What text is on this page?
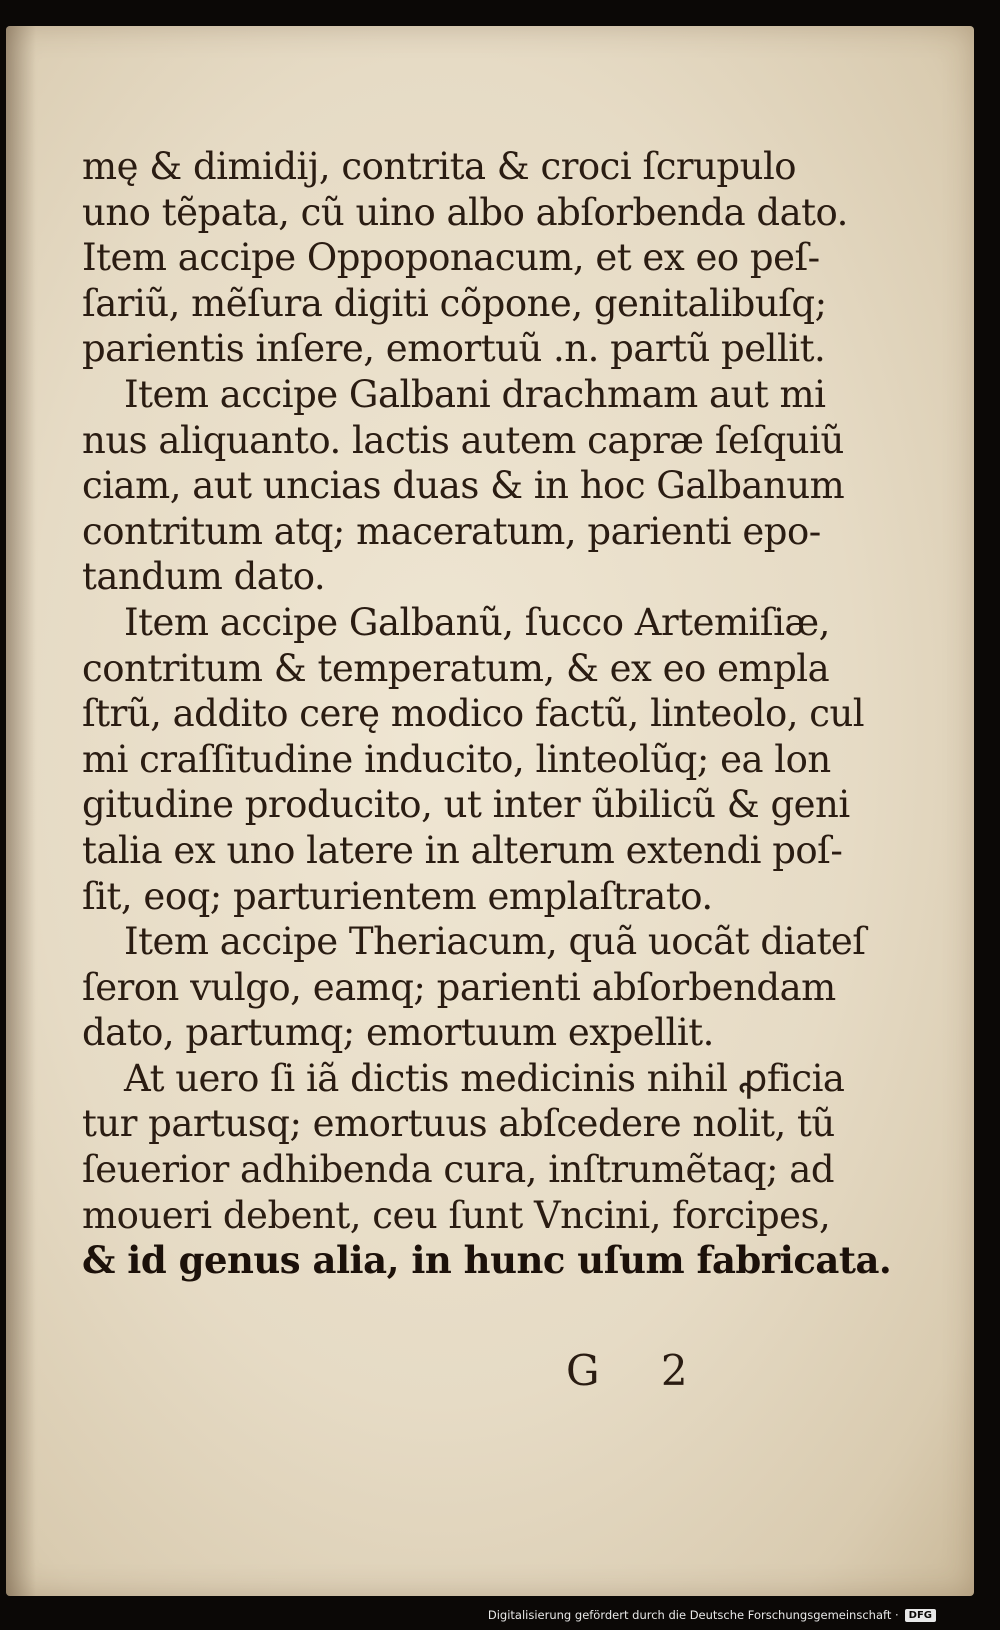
mę & dimidij, contrita & croci ſcrupulo
uno tẽpata, cũ uino albo abſorbenda dato.
Item accipe Oppoponacum, et ex eo peſ-
ſariũ, mẽſura digiti cõpone, genitalibuſq;
parientis inſere, emortuũ .n. partũ pellit.
Item accipe Galbani drachmam aut mi
nus aliquanto. lactis autem capræ ſeſquiũ
ciam, aut uncias duas & in hoc Galbanum
contritum atq; maceratum, parienti epo-
tandum dato.
Item accipe Galbanũ, ſucco Artemiſiæ,
contritum & temperatum, & ex eo empla
ſtrũ, addito cerę modico factũ, linteolo, cul
mi craſſitudine inducito, linteolũq; ea lon
gitudine producito, ut inter ũbilicũ & geni
talia ex uno latere in alterum extendi poſ-
ſit, eoq; parturientem emplaſtrato.
Item accipe Theriacum, quã uocãt diateſ
ſeron vulgo, eamq; parienti abſorbendam
dato, partumq; emortuum expellit.
At uero ſi iã dictis medicinis nihil ꝓficia
tur partusq; emortuus abſcedere nolit, tũ
ſeuerior adhibenda cura, inſtrumẽtaq; ad
moueri debent, ceu ſunt Vncini, forcipes,
& id genus alia, in hunc uſum fabricata.
G 2
Digitalisierung gefördert durch die Deutsche Forschungsgemeinschaft ·	DFG
